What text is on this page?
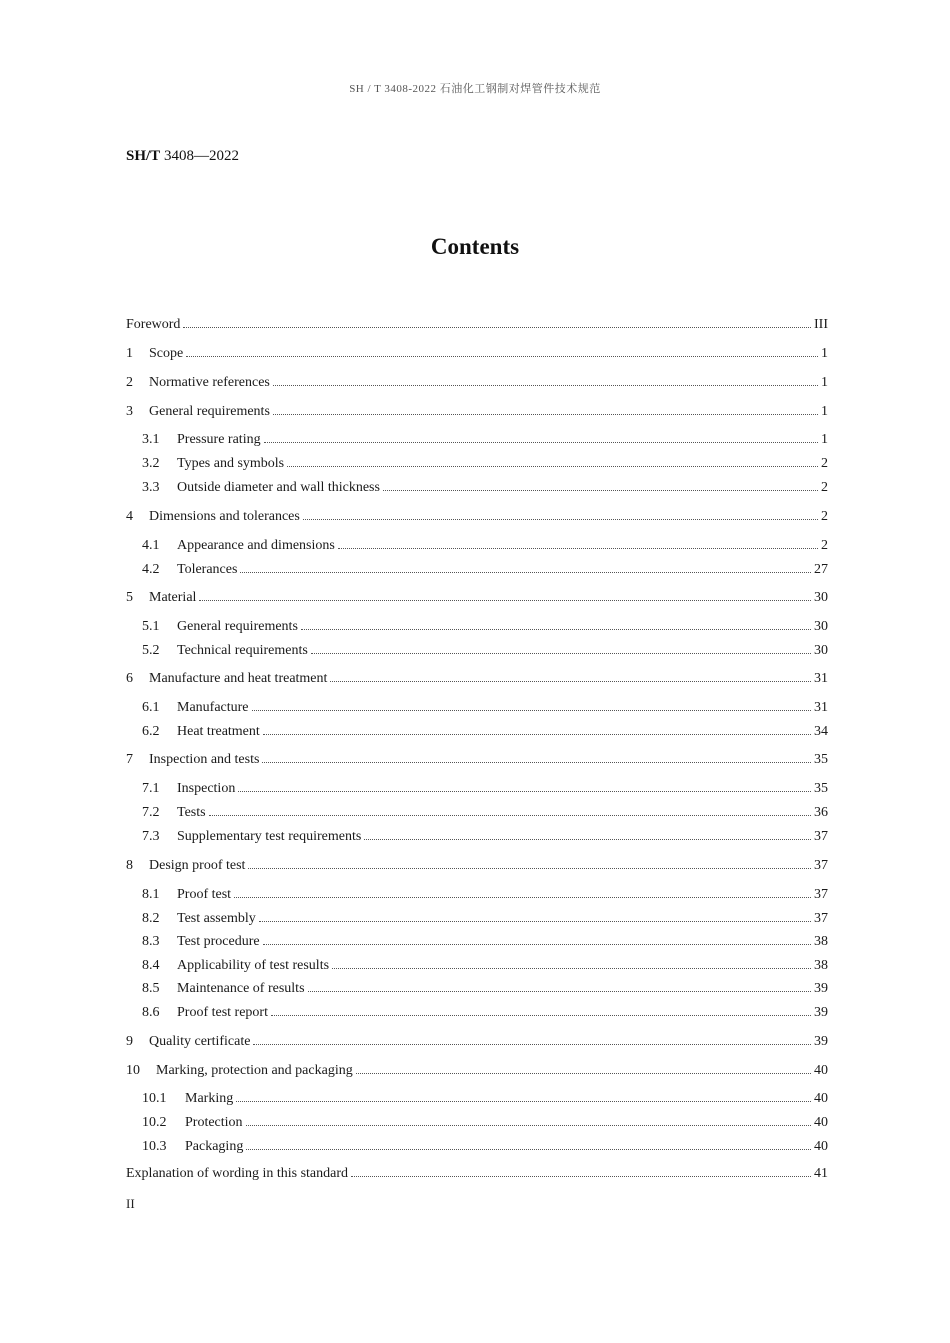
SH / T 3408-2022 石油化工钢制对焊管件技术规范
SH/T 3408—2022
Contents
Foreword	III
1	Scope	1
2	Normative references	1
3	General requirements	1
3.1	Pressure rating	1
3.2	Types and symbols	2
3.3	Outside diameter and wall thickness	2
4	Dimensions and tolerances	2
4.1	Appearance and dimensions	2
4.2	Tolerances	27
5	Material	30
5.1	General requirements	30
5.2	Technical requirements	30
6	Manufacture and heat treatment	31
6.1	Manufacture	31
6.2	Heat treatment	34
7	Inspection and tests	35
7.1	Inspection	35
7.2	Tests	36
7.3	Supplementary test requirements	37
8	Design proof test	37
8.1	Proof test	37
8.2	Test assembly	37
8.3	Test procedure	38
8.4	Applicability of test results	38
8.5	Maintenance of results	39
8.6	Proof test report	39
9	Quality certificate	39
10	Marking, protection and packaging	40
10.1	Marking	40
10.2	Protection	40
10.3	Packaging	40
Explanation of wording in this standard	41
II
